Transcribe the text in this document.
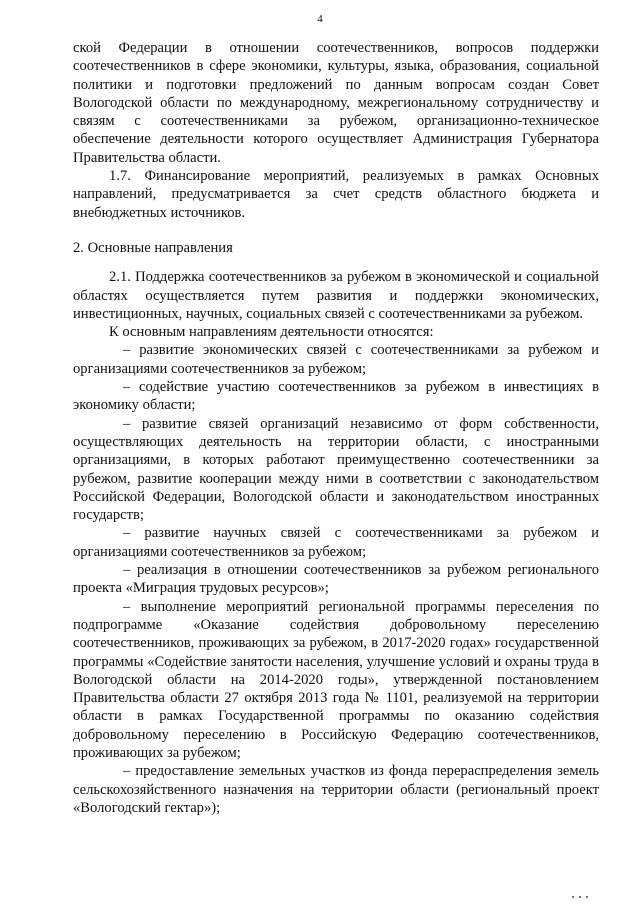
4

ской Федерации в отношении соотечественников, вопросов поддержки соотечественников в сфере экономики, культуры, языка, образования, социальной политики и подготовки предложений по данным вопросам создан Совет Вологодской области по международному, межрегиональному сотрудничеству и связям с соотечественниками за рубежом, организационно-техническое обеспечение деятельности которого осуществляет Администрация Губернатора Правительства области.

1.7. Финансирование мероприятий, реализуемых в рамках Основных направлений, предусматривается за счет средств областного бюджета и внебюджетных источников.

2. Основные направления

2.1. Поддержка соотечественников за рубежом в экономической и социальной областях осуществляется путем развития и поддержки экономических, инвестиционных, научных, социальных связей с соотечественниками за рубежом.

К основным направлениям деятельности относятся:

– развитие экономических связей с соотечественниками за рубежом и организациями соотечественников за рубежом;

– содействие участию соотечественников за рубежом в инвестициях в экономику области;

– развитие связей организаций независимо от форм собственности, осуществляющих деятельность на территории области, с иностранными организациями, в которых работают преимущественно соотечественники за рубежом, развитие кооперации между ними в соответствии с законодательством Российской Федерации, Вологодской области и законодательством иностранных государств;

– развитие научных связей с соотечественниками за рубежом и организациями соотечественников за рубежом;

– реализация в отношении соотечественников за рубежом регионального проекта «Миграция трудовых ресурсов»;

– выполнение мероприятий региональной программы переселения по подпрограмме «Оказание содействия добровольному переселению соотечественников, проживающих за рубежом, в 2017-2020 годах» государственной программы «Содействие занятости населения, улучшение условий и охраны труда в Вологодской области на 2014-2020 годы», утвержденной постановлением Правительства области 27 октября 2013 года № 1101, реализуемой на территории области в рамках Государственной программы по оказанию содействия добровольному переселению в Российскую Федерацию соотечественников, проживающих за рубежом;

– предоставление земельных участков из фонда перераспределения земель сельскохозяйственного назначения на территории области (региональный проект «Вологодский гектар»);
